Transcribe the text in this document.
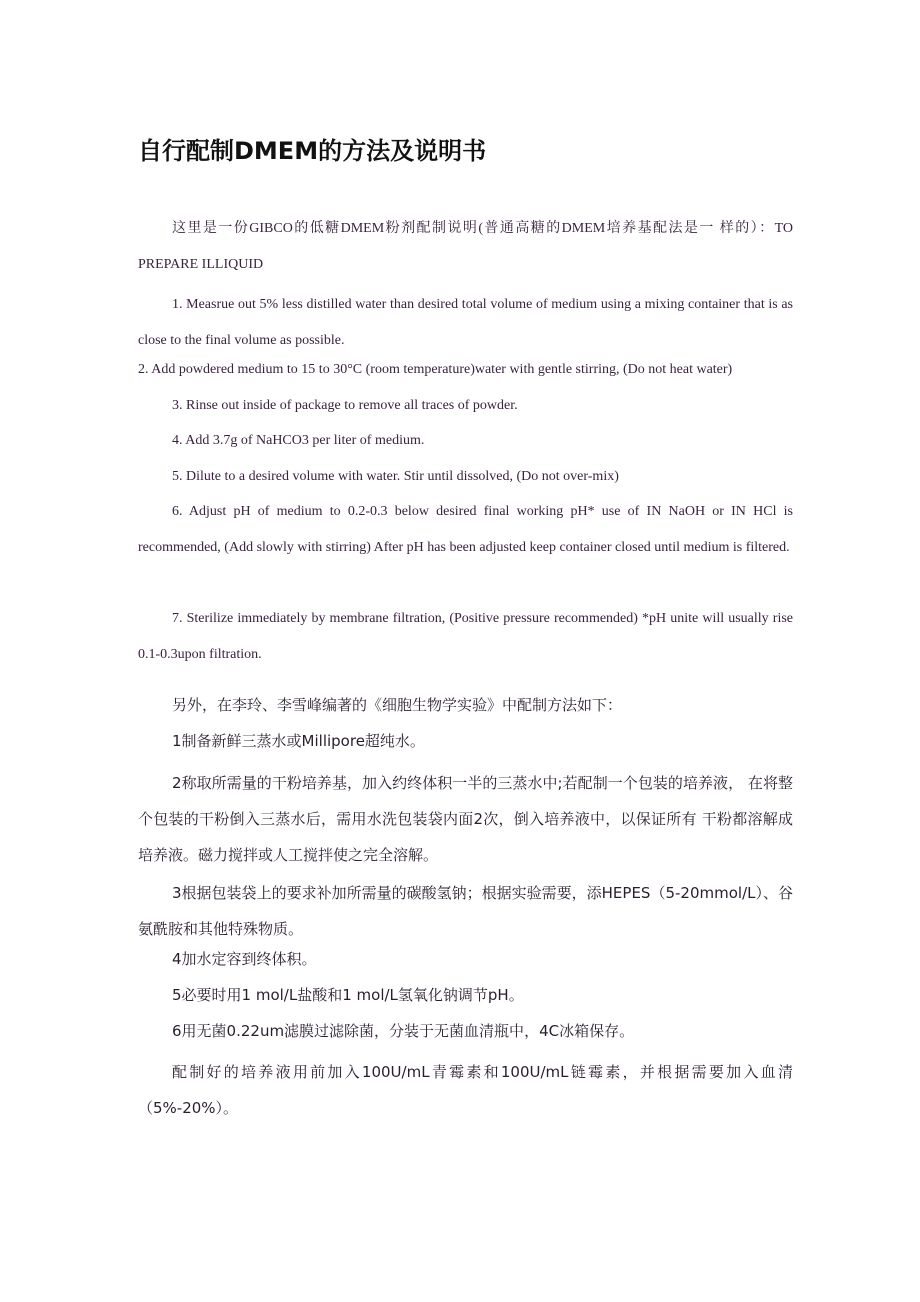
自行配制DMEM的方法及说明书
这里是一份GIBCO的低糖DMEM粉剂配制说明(普通高糖的DMEM培养基配法是一 样的）：TO PREPARE ILLIQUID
1. Measrue out 5% less distilled water than desired total volume of medium using a mixing container that is as close to the final volume as possible.
2. Add powdered medium to 15 to 30°C (room temperature)water with gentle stirring, (Do not heat water)
3. Rinse out inside of package to remove all traces of powder.
4. Add 3.7g of NaHCO3 per liter of medium.
5. Dilute to a desired volume with water. Stir until dissolved, (Do not over-mix)
6. Adjust pH of medium to 0.2-0.3 below desired final working pH* use of IN NaOH or IN HCl is recommended, (Add slowly with stirring) After pH has been adjusted keep container closed until medium is filtered.
7. Sterilize immediately by membrane filtration, (Positive pressure recommended) *pH unite will usually rise 0.1-0.3upon filtration.
另外，在李玲、李雪峰编著的《细胞生物学实验》中配制方法如下：
1制备新鲜三蒸水或Millipore超纯水。
2称取所需量的干粉培养基，加入约终体积一半的三蒸水中;若配制一个包装的培养液， 在将整个包装的干粉倒入三蒸水后，需用水洗包装袋内面2次，倒入培养液中，以保证所有 干粉都溶解成培养液。磁力搅拌或人工搅拌使之完全溶解。
3根据包装袋上的要求补加所需量的碳酸氢钠；根据实验需要，添HEPES（5-20mmol/L）、谷氨酰胺和其他特殊物质。
4加水定容到终体积。
5必要时用1 mol/L盐酸和1 mol/L氢氧化钠调节pH。
6用无菌0.22um滤膜过滤除菌，分装于无菌血清瓶中，4C冰箱保存。
配制好的培养液用前加入100U/mL青霉素和100U/mL链霉素，并根据需要加入血清（5%-20%）。
